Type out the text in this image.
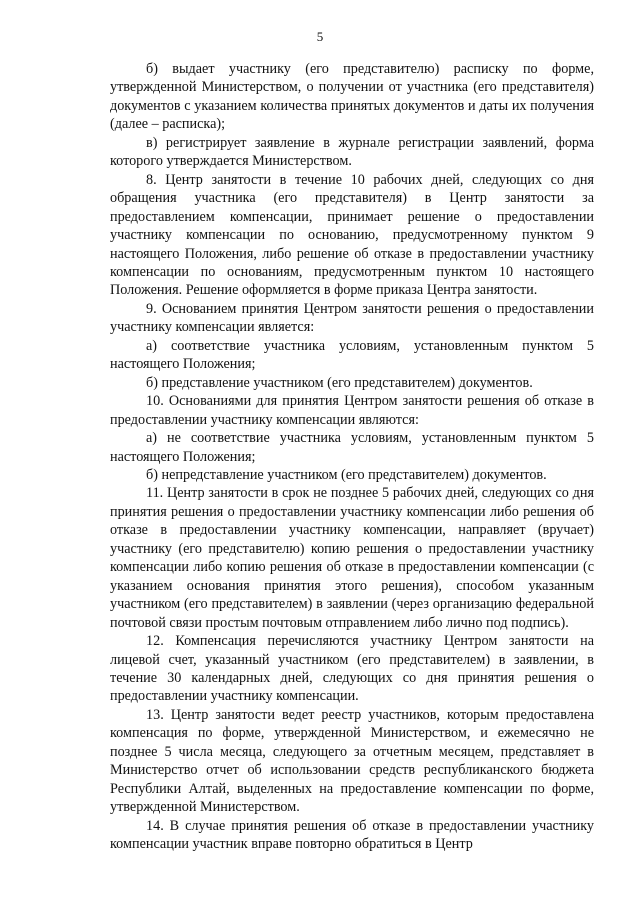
5

б) выдает участнику (его представителю) расписку по форме, утвержденной Министерством, о получении от участника (его представителя) документов с указанием количества принятых документов и даты их получения (далее – расписка);

в) регистрирует заявление в журнале регистрации заявлений, форма которого утверждается Министерством.

8. Центр занятости в течение 10 рабочих дней, следующих со дня обращения участника (его представителя) в Центр занятости за предоставлением компенсации, принимает решение о предоставлении участнику компенсации по основанию, предусмотренному пунктом 9 настоящего Положения, либо решение об отказе в предоставлении участнику компенсации по основаниям, предусмотренным пунктом 10 настоящего Положения. Решение оформляется в форме приказа Центра занятости.

9. Основанием принятия Центром занятости решения о предоставлении участнику компенсации является:

а) соответствие участника условиям, установленным пунктом 5 настоящего Положения;

б) представление участником (его представителем) документов.

10. Основаниями для принятия Центром занятости решения об отказе в предоставлении участнику компенсации являются:

а) не соответствие участника условиям, установленным пунктом 5 настоящего Положения;

б) непредставление участником (его представителем) документов.

11. Центр занятости в срок не позднее 5 рабочих дней, следующих со дня принятия решения о предоставлении участнику компенсации либо решения об отказе в предоставлении участнику компенсации, направляет (вручает) участнику (его представителю) копию решения о предоставлении участнику компенсации либо копию решения об отказе в предоставлении компенсации (с указанием основания принятия этого решения), способом указанным участником (его представителем) в заявлении (через организацию федеральной почтовой связи простым почтовым отправлением либо лично под подпись).

12. Компенсация перечисляются участнику Центром занятости на лицевой счет, указанный участником (его представителем) в заявлении, в течение 30 календарных дней, следующих со дня принятия решения о предоставлении участнику компенсации.

13. Центр занятости ведет реестр участников, которым предоставлена компенсация по форме, утвержденной Министерством, и ежемесячно не позднее 5 числа месяца, следующего за отчетным месяцем, представляет в Министерство отчет об использовании средств республиканского бюджета Республики Алтай, выделенных на предоставление компенсации по форме, утвержденной Министерством.

14. В случае принятия решения об отказе в предоставлении участнику компенсации участник вправе повторно обратиться в Центр
